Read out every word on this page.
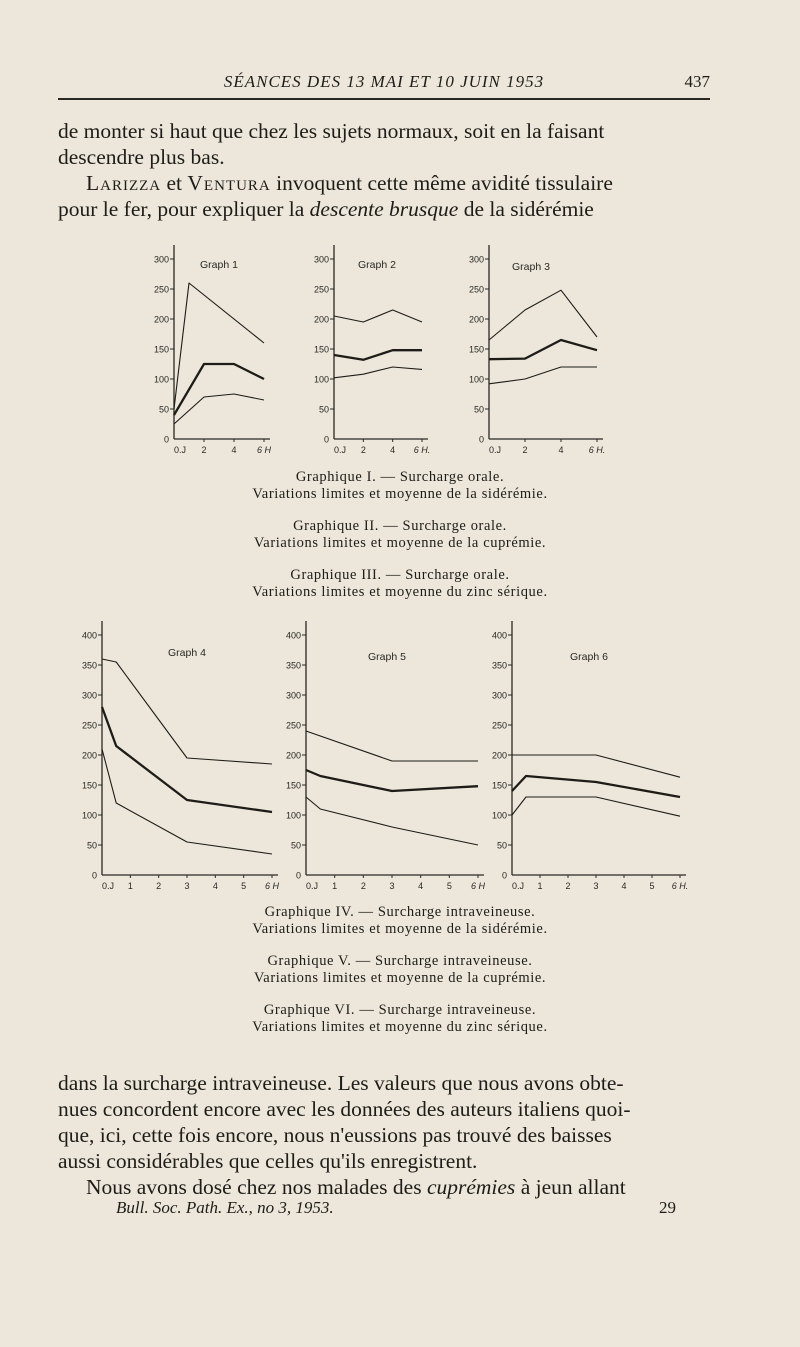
SÉANCES DES 13 MAI ET 10 JUIN 1953	437
de monter si haut que chez les sujets normaux, soit en la faisant
descendre plus bas.
Larizza et Ventura invoquent cette même avidité tissulaire
pour le fer, pour expliquer la descente brusque de la sidérémie
0
50
100
150
200
250
300
0.J 2	4 6 H
Graph 1
0
50
100
150
200
250
300
0.J 2	4 6 H.
Graph 2
0
50
100
150
200
250
300
0.J 2	4	6 H.
Graph 3
Graphique I. — Surcharge orale.
Variations limites et moyenne de la sidérémie.
Graphique II. — Surcharge orale.
Variations limites et moyenne de la cuprémie.
Graphique III. — Surcharge orale.
Variations limites et moyenne du zinc sérique.
0
50
100
150
200
250
300
350
400
0.J 1	2	3	4	5 6 H
Graph 4
0
50
100
150
200
250
300
350
400
0.J 1	2	3	4	5 6 H
Graph 5
0
50
100
150
200
250
300
350
400
0.J 1	2	3	4	5 6 H.
Graph 6
Graphique IV. — Surcharge intraveineuse.
Variations limites et moyenne de la sidérémie.
Graphique V. — Surcharge intraveineuse.
Variations limites et moyenne de la cuprémie.
Graphique VI. — Surcharge intraveineuse.
Variations limites et moyenne du zinc sérique.
dans la surcharge intraveineuse. Les valeurs que nous avons obte-
nues concordent encore avec les données des auteurs italiens quoi-
que, ici, cette fois encore, nous n'eussions pas trouvé des baisses
aussi considérables que celles qu'ils enregistrent.
Nous avons dosé chez nos malades des cuprémies à jeun allant
Bull. Soc. Path. Ex., no 3, 1953.	29
